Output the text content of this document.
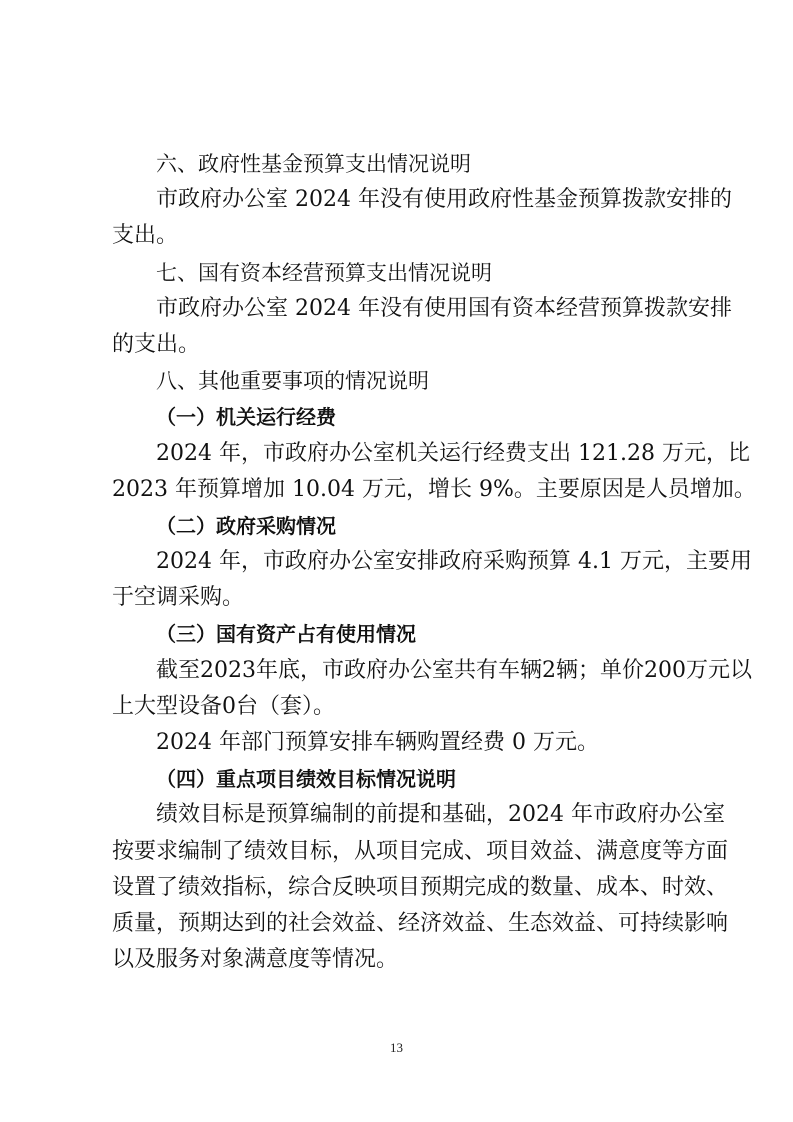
六、政府性基金预算支出情况说明
市政府办公室 2024 年没有使用政府性基金预算拨款安排的
支出。
七、国有资本经营预算支出情况说明
市政府办公室 2024 年没有使用国有资本经营预算拨款安排
的支出。
八、其他重要事项的情况说明
（一）机关运行经费
2024 年，市政府办公室机关运行经费支出 121.28 万元，比
2023 年预算增加 10.04 万元，增长 9%。主要原因是人员增加。
（二）政府采购情况
2024 年，市政府办公室安排政府采购预算 4.1 万元，主要用
于空调采购。
（三）国有资产占有使用情况
截至2023年底，市政府办公室共有车辆2辆；单价200万元以
上大型设备0台（套）。
2024 年部门预算安排车辆购置经费 0 万元。
（四）重点项目绩效目标情况说明
绩效目标是预算编制的前提和基础，2024 年市政府办公室
按要求编制了绩效目标，从项目完成、项目效益、满意度等方面
设置了绩效指标，综合反映项目预期完成的数量、成本、时效、
质量，预期达到的社会效益、经济效益、生态效益、可持续影响
以及服务对象满意度等情况。
13
